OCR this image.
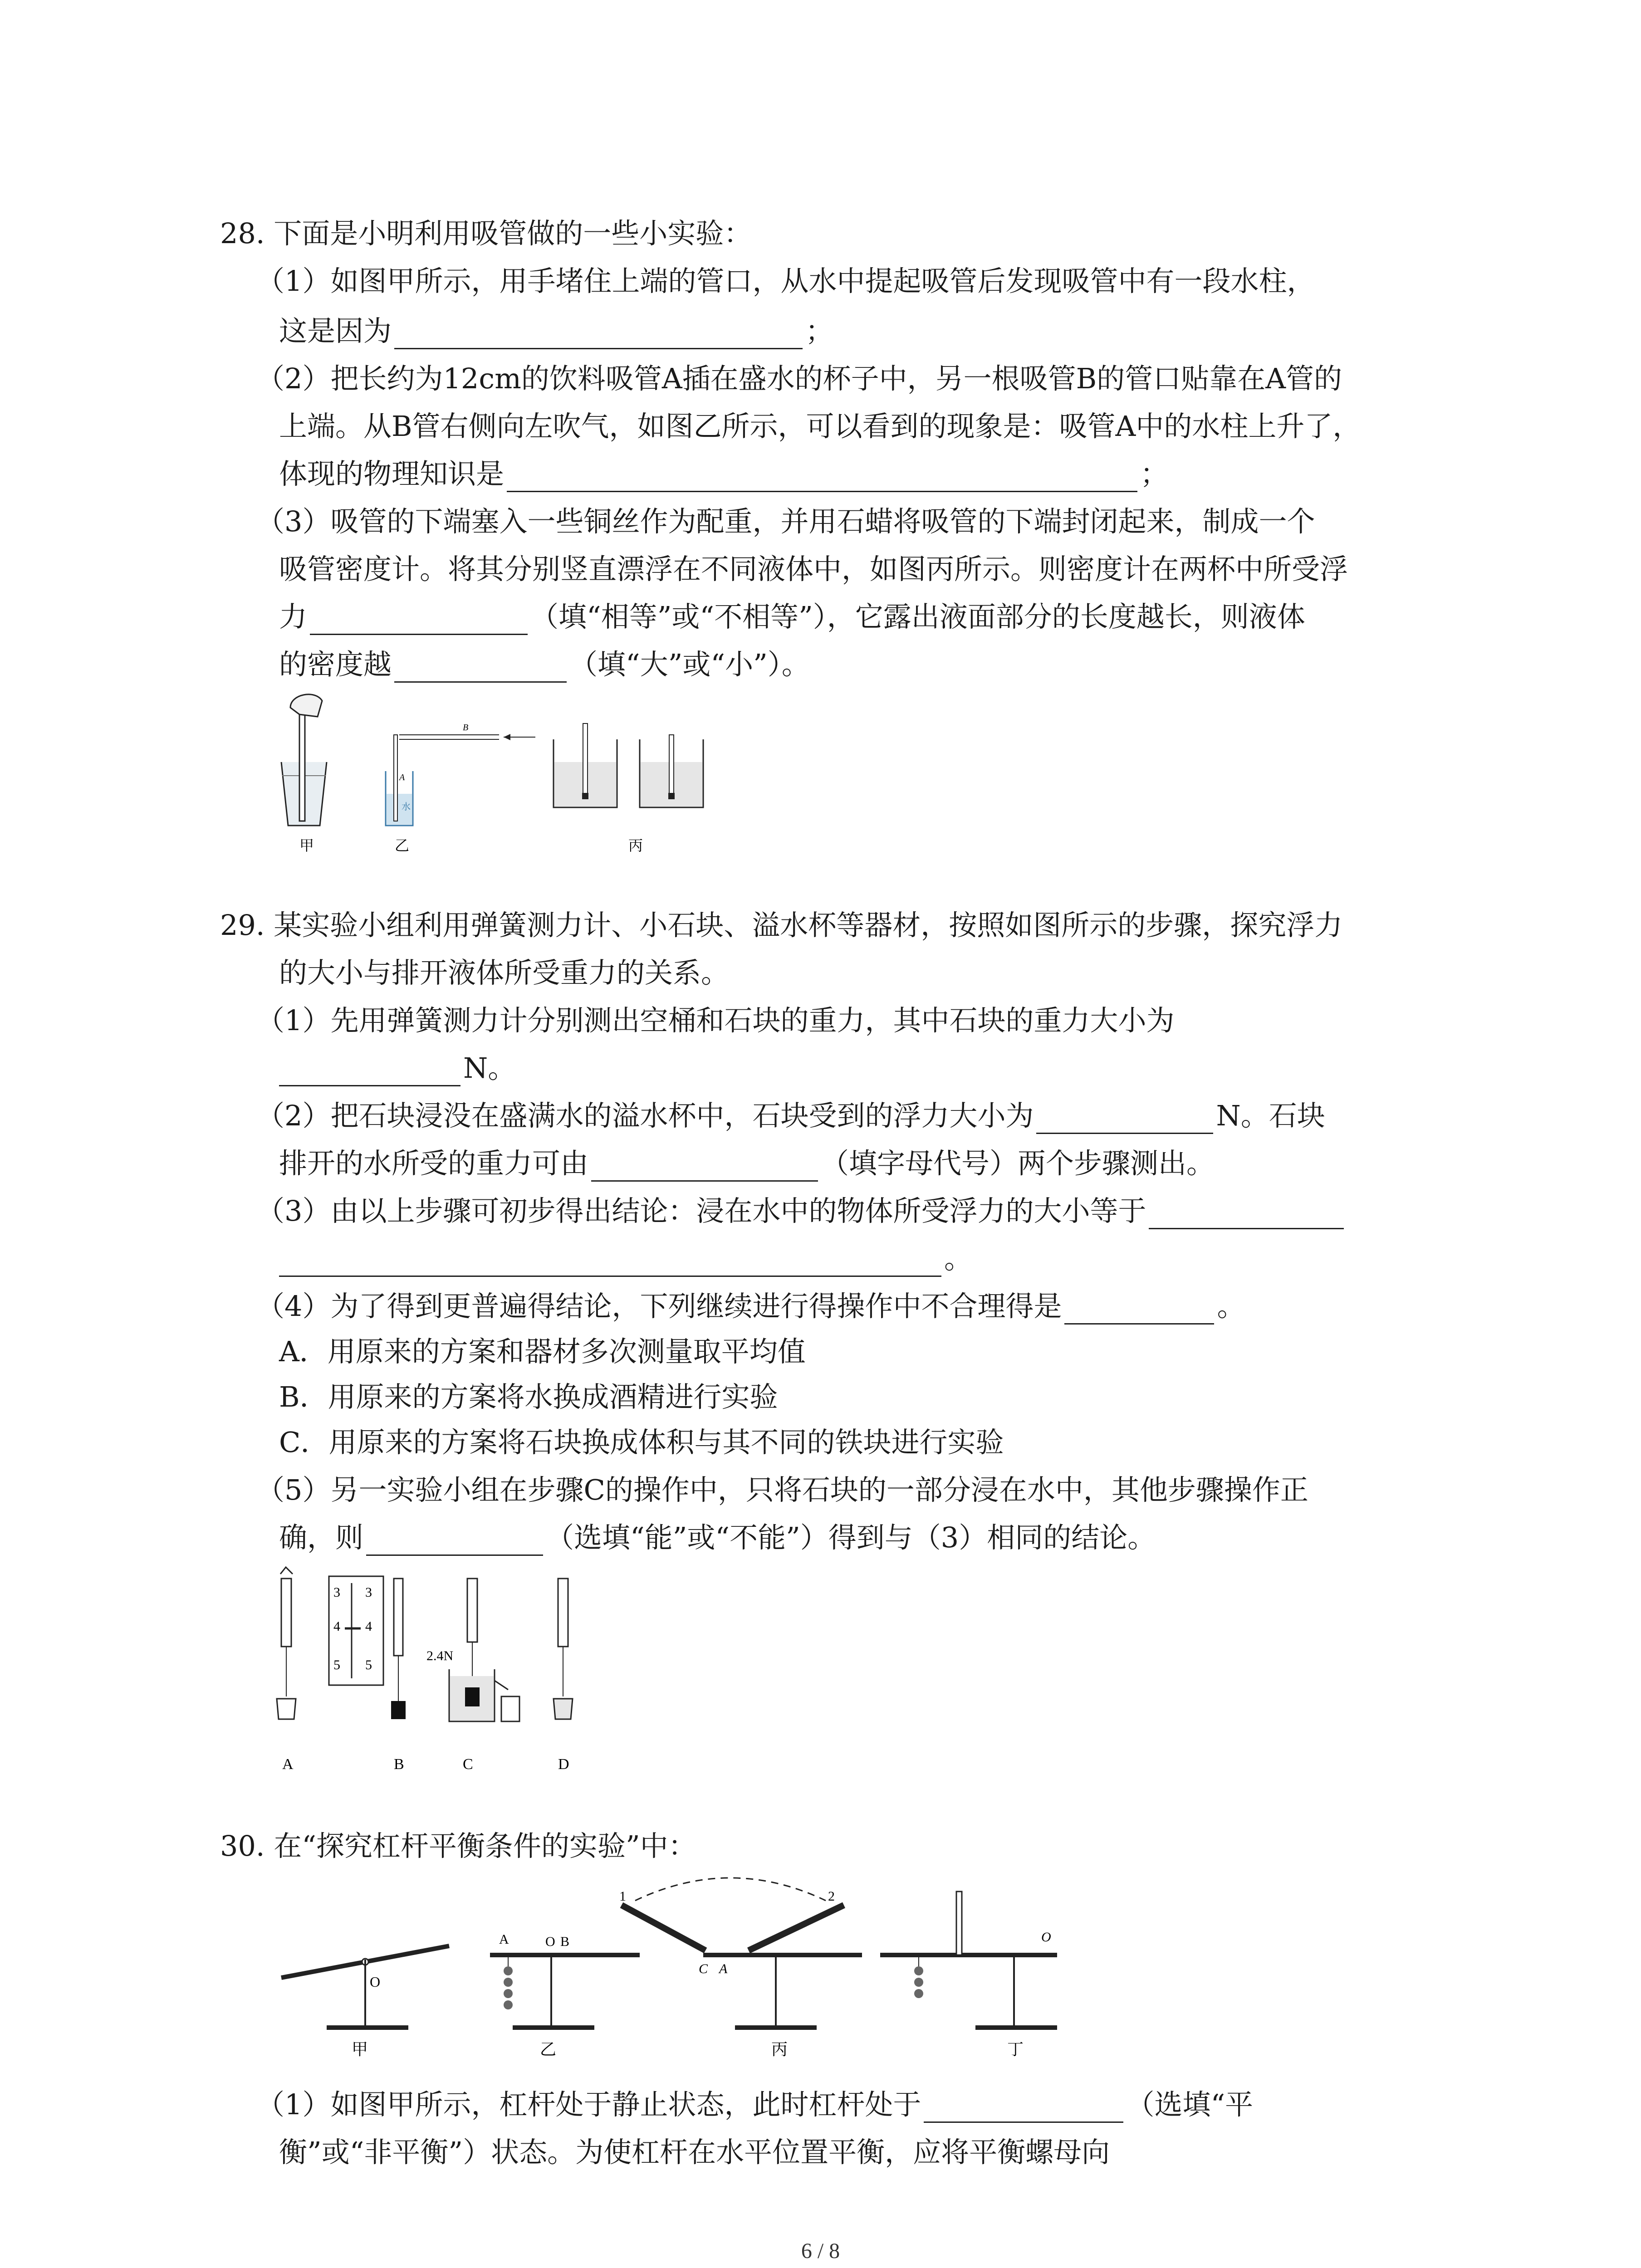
28. 下面是小明利用吸管做的一些小实验：
（1）如图甲所示，用手堵住上端的管口，从水中提起吸管后发现吸管中有一段水柱，
这是因为	；
（2）把长约为12cm的饮料吸管A插在盛水的杯子中，另一根吸管B的管口贴靠在A管的
上端。从B管右侧向左吹气，如图乙所示，可以看到的现象是：吸管A中的水柱上升了，
体现的物理知识是	；
（3）吸管的下端塞入一些铜丝作为配重，并用石蜡将吸管的下端封闭起来，制成一个
吸管密度计。将其分别竖直漂浮在不同液体中，如图丙所示。则密度计在两杯中所受浮
力	（填“相等”或“不相等”），它露出液面部分的长度越长，则液体
的密度越	（填“大”或“小”）。
甲
B
A
水
乙	丙
29. 某实验小组利用弹簧测力计、小石块、溢水杯等器材，按照如图所示的步骤，探究浮力
的大小与排开液体所受重力的关系。
（1）先用弹簧测力计分别测出空桶和石块的重力，其中石块的重力大小为
N。
（2）把石块浸没在盛满水的溢水杯中，石块受到的浮力大小为	N。石块
排开的水所受的重力可由	（填字母代号）两个步骤测出。
（3）由以上步骤可初步得出结论：浸在水中的物体所受浮力的大小等于
。
（4）为了得到更普遍得结论，下列继续进行得操作中不合理得是	。
A．用原来的方案和器材多次测量取平均值
B．用原来的方案将水换成酒精进行实验
C．用原来的方案将石块换成体积与其不同的铁块进行实验
（5）另一实验小组在步骤C的操作中，只将石块的一部分浸在水中，其他步骤操作正
确，则	（选填“能”或“不能”）得到与（3）相同的结论。
A
3
4
5
3
4
5
B
2.4N
C	D
30. 在“探究杠杆平衡条件的实验”中：
O
甲
A	O B
乙
1	2
C A
丙
O
丁
（1）如图甲所示，杠杆处于静止状态，此时杠杆处于	（选填“平
衡”或“非平衡”）状态。为使杠杆在水平位置平衡，应将平衡螺母向
6 / 8
